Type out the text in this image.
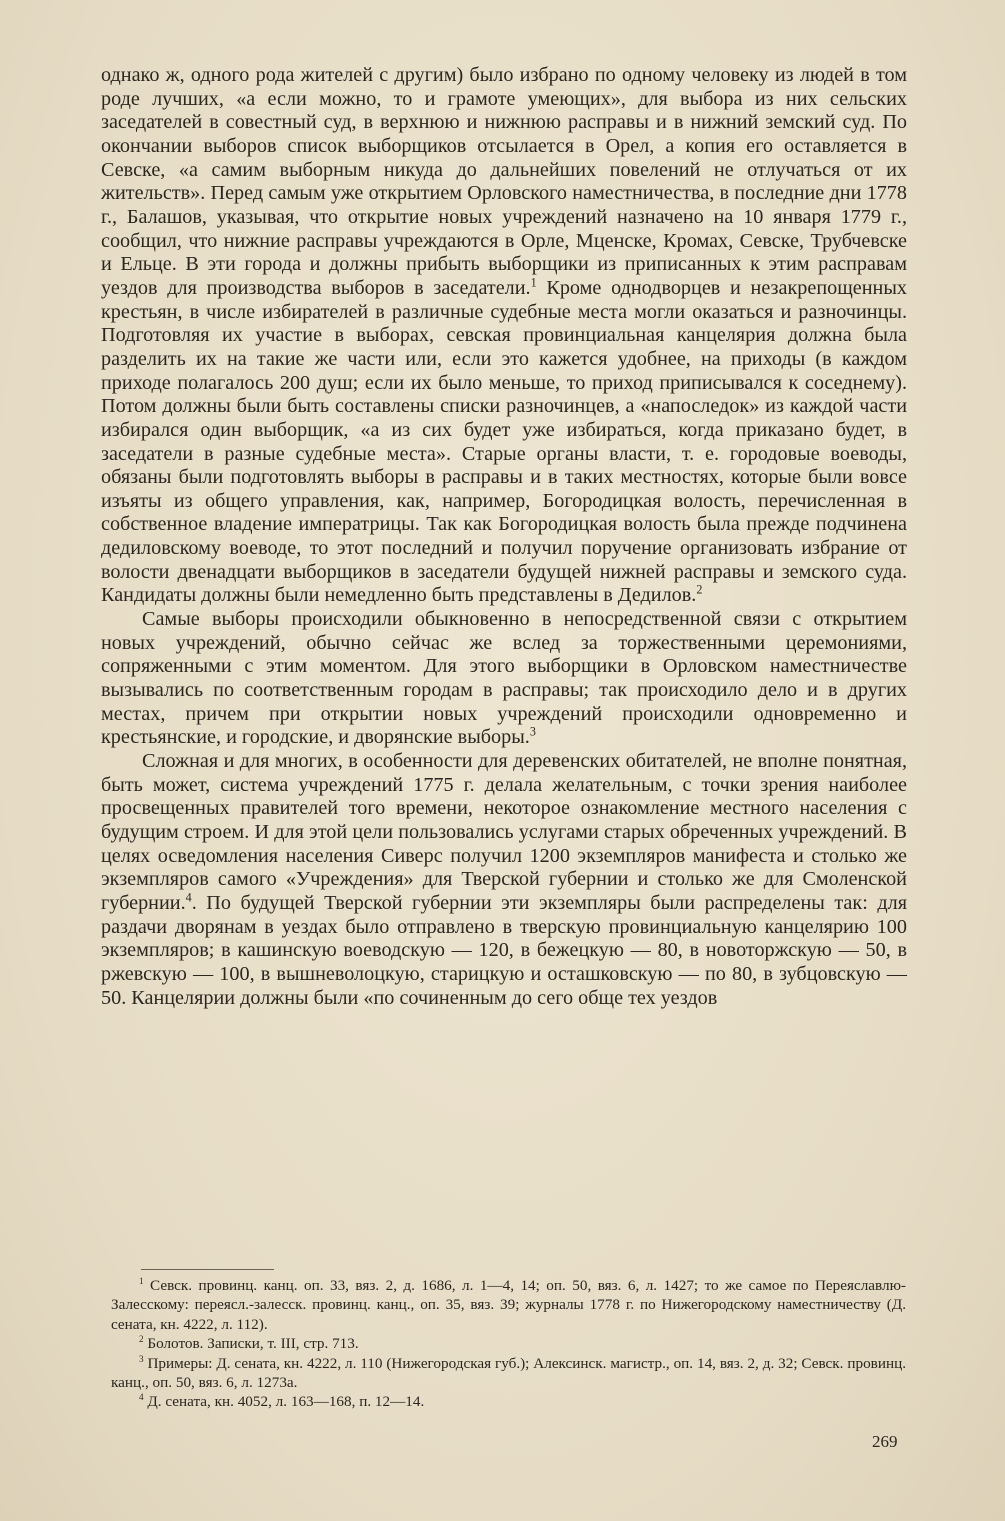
однако ж, одного рода жителей с другим) было избрано по одному человеку из людей в том роде лучших, «а если можно, то и грамоте умеющих», для выбора из них сельских заседателей в совестный суд, в верхнюю и нижнюю расправы и в нижний земский суд. По окончании выборов список выборщиков отсылается в Орел, а копия его оставляется в Севске, «а самим выборным никуда до дальнейших повелений не отлучаться от их жительств». Перед самым уже открытием Орловского наместничества, в последние дни 1778 г., Балашов, указывая, что открытие новых учреждений назначено на 10 января 1779 г., сообщил, что нижние расправы учреждаются в Орле, Мценске, Кромах, Севске, Трубчевске и Ельце. В эти города и должны прибыть выборщики из приписанных к этим расправам уездов для производства выборов в заседатели.$^1$ Кроме однодворцев и незакрепощенных крестьян, в числе избирателей в различные судебные места могли оказаться и разночинцы. Подготовляя их участие в выборах, севская провинциальная канцелярия должна была разделить их на такие же части или, если это кажется удобнее, на приходы (в каждом приходе полагалось 200 душ; если их было меньше, то приход приписывался к соседнему). Потом должны были быть составлены списки разночинцев, а «напоследок» из каждой части избирался один выборщик, «а из сих будет уже избираться, когда приказано будет, в заседатели в разные судебные места». Старые органы власти, т. е. городовые воеводы, обязаны были подготовлять выборы в расправы и в таких местностях, которые были вовсе изъяты из общего управления, как, например, Богородицкая волость, перечисленная в собственное владение императрицы. Так как Богородицкая волость была прежде подчинена дедиловскому воеводе, то этот последний и получил поручение организовать избрание от волости двенадцати выборщиков в заседатели будущей нижней расправы и земского суда. Кандидаты должны были немедленно быть представлены в Дедилов.$^2$

Самые выборы происходили обыкновенно в непосредственной связи с открытием новых учреждений, обычно сейчас же вслед за торжественными церемониями, сопряженными с этим моментом. Для этого выборщики в Орловском наместничестве вызывались по соответственным городам в расправы; так происходило дело и в других местах, причем при открытии новых учреждений происходили одновременно и крестьянские, и городские, и дворянские выборы.$^3$

Сложная и для многих, в особенности для деревенских обитателей, не вполне понятная, быть может, система учреждений 1775 г. делала желательным, с точки зрения наиболее просвещенных правителей того времени, некоторое ознакомление местного населения с будущим строем. И для этой цели пользовались услугами старых обреченных учреждений. В целях осведомления населения Сиверс получил 1200 экземпляров манифеста и столько же экземпляров самого «Учреждения» для Тверской губернии и столько же для Смоленской губернии.$^4$. По будущей Тверской губернии эти экземпляры были распределены так: для раздачи дворянам в уездах было отправлено в тверскую провинциальную канцелярию 100 экземпляров; в кашинскую воеводскую — 120, в бежецкую — 80, в новоторжскую — 50, в ржевскую — 100, в вышневолоцкую, старицкую и осташковскую — по 80, в зубцовскую — 50. Канцелярии должны были «по сочиненным до сего обще тех уездов

$^1$ Севск. провинц. канц. оп. 33, вяз. 2, д. 1686, л. 1—4, 14; оп. 50, вяз. 6, л. 1427; то же самое по Переяславлю-Залесскому: переясл.-залесск. провинц. канц., оп. 35, вяз. 39; журналы 1778 г. по Нижегородскому наместничеству (Д. сената, кн. 4222, л. 112).

$^2$ Болотов. Записки, т. III, стр. 713.

$^3$ Примеры: Д. сената, кн. 4222, л. 110 (Нижегородская губ.); Алексинск. магистр., оп. 14, вяз. 2, д. 32; Севск. провинц. канц., оп. 50, вяз. 6, л. 1273а.

$^4$ Д. сената, кн. 4052, л. 163—168, п. 12—14.

269
